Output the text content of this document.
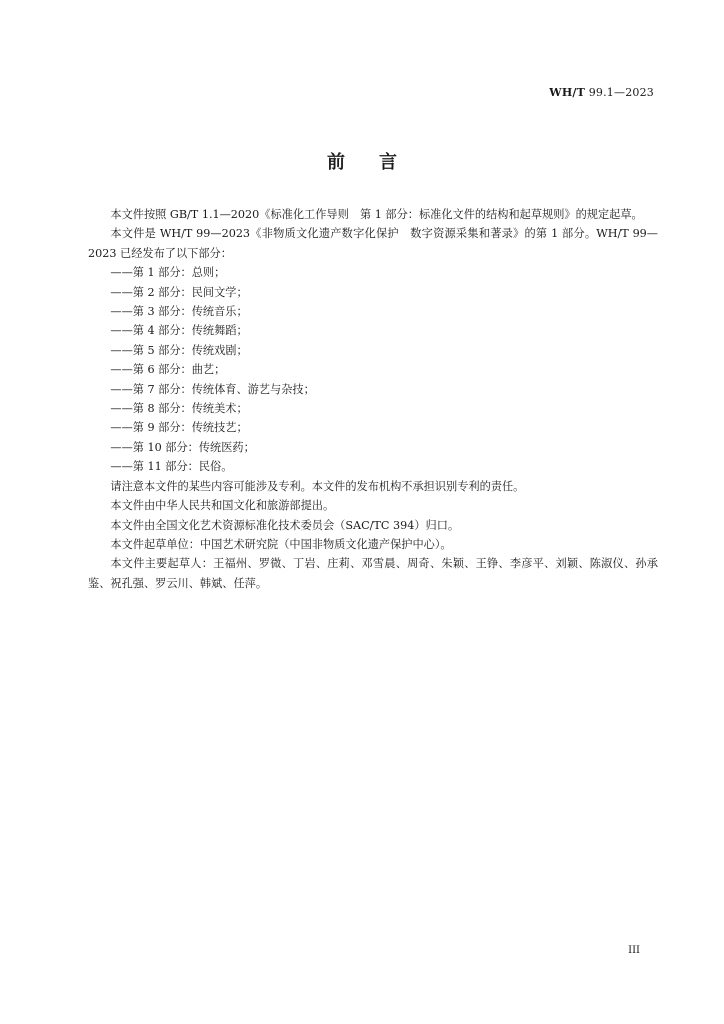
WH/T 99.1—2023
前言

本文件按照 GB/T 1.1—2020《标准化工作导则　第 1 部分：标准化文件的结构和起草规则》的规定起草。

本文件是 WH/T 99—2023《非物质文化遗产数字化保护　数字资源采集和著录》的第 1 部分。WH/T 99—2023 已经发布了以下部分：

——第 1 部分：总则；

——第 2 部分：民间文学；

——第 3 部分：传统音乐；

——第 4 部分：传统舞蹈；

——第 5 部分：传统戏剧；

——第 6 部分：曲艺；

——第 7 部分：传统体育、游艺与杂技；

——第 8 部分：传统美术；

——第 9 部分：传统技艺；

——第 10 部分：传统医药；

——第 11 部分：民俗。

请注意本文件的某些内容可能涉及专利。本文件的发布机构不承担识别专利的责任。

本文件由中华人民共和国文化和旅游部提出。

本文件由全国文化艺术资源标准化技术委员会（SAC/TC 394）归口。

本文件起草单位：中国艺术研究院（中国非物质文化遗产保护中心）。

本文件主要起草人：王福州、罗微、丁岩、庄莉、邓雪晨、周奇、朱颖、王铮、李彦平、刘颖、陈淑仪、孙承鉴、祝孔强、罗云川、韩斌、任萍。

III
